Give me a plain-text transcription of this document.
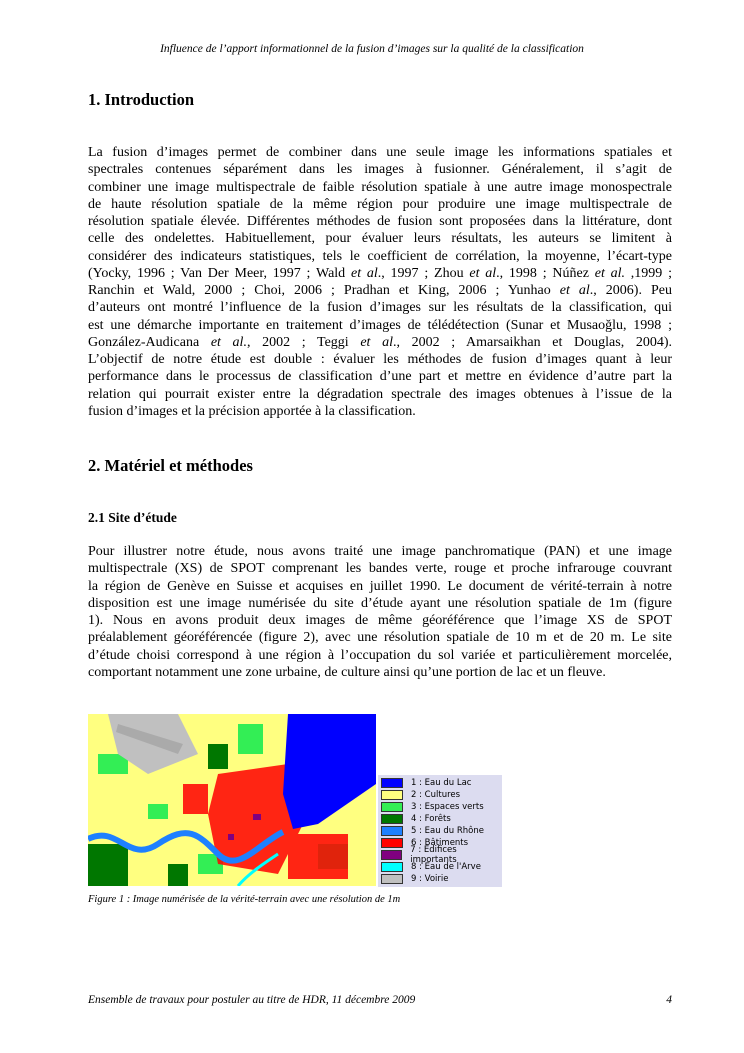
Influence de l’apport informationnel de la fusion d’images sur la qualité de la classification
1. Introduction
La fusion d’images permet de combiner dans une seule image les informations spatiales et
spectrales contenues séparément dans les images à fusionner. Généralement, il s’agit de
combiner une image multispectrale de faible résolution spatiale à une autre image monospectrale
de haute résolution spatiale de la même région pour produire une image multispectrale de
résolution spatiale élevée. Différentes méthodes de fusion sont proposées dans la littérature, dont
celle des ondelettes. Habituellement, pour évaluer leurs résultats, les auteurs se limitent à
considérer des indicateurs statistiques, tels le coefficient de corrélation, la moyenne, l’écart-type
(Yocky, 1996 ; Van Der Meer, 1997 ; Wald et al., 1997 ; Zhou et al., 1998 ; Núñez et al. ,1999 ;
Ranchin et Wald, 2000 ; Choi, 2006 ; Pradhan et King, 2006 ; Yunhao et al., 2006). Peu
d’auteurs ont montré l’influence de la fusion d’images sur les résultats de la classification, qui
est une démarche importante en traitement d’images de télédétection (Sunar et Musaoğlu, 1998 ;
González-Audicana et al., 2002 ; Teggi et al., 2002 ; Amarsaikhan et Douglas, 2004).
L’objectif de notre étude est double : évaluer les méthodes de fusion d’images quant à leur
performance dans le processus de classification d’une part et mettre en évidence d’autre part la
relation qui pourrait exister entre la dégradation spectrale des images obtenues à l’issue de la
fusion d’images et la précision apportée à la classification.
2. Matériel et méthodes
2.1 Site d’étude
Pour illustrer notre étude, nous avons traité une image panchromatique (PAN) et une image
multispectrale (XS) de SPOT comprenant les bandes verte, rouge et proche infrarouge couvrant
la région de Genève en Suisse et acquises en juillet 1990. Le document de vérité-terrain à notre
disposition est une image numérisée du site d’étude ayant une résolution spatiale de 1m (figure
1). Nous en avons produit deux images de même géoréférence que l’image XS de SPOT
préalablement géoréférencée (figure 2), avec une résolution spatiale de 10 m et de 20 m. Le site
d’étude choisi correspond à une région à l’occupation du sol variée et particulièrement morcelée,
comportant notamment une zone urbaine, de culture ainsi qu’une portion de lac et un fleuve.
1 : Eau du Lac
2 : Cultures
3 : Espaces verts
4 : Forêts
5 : Eau du Rhône
6 : Bâtiments
7 : Edifices importants
8 : Eau de l'Arve
9 : Voirie
Figure 1 : Image numérisée de la vérité-terrain avec une résolution de 1m
Ensemble de travaux pour postuler au titre de HDR, 11 décembre 2009	4
